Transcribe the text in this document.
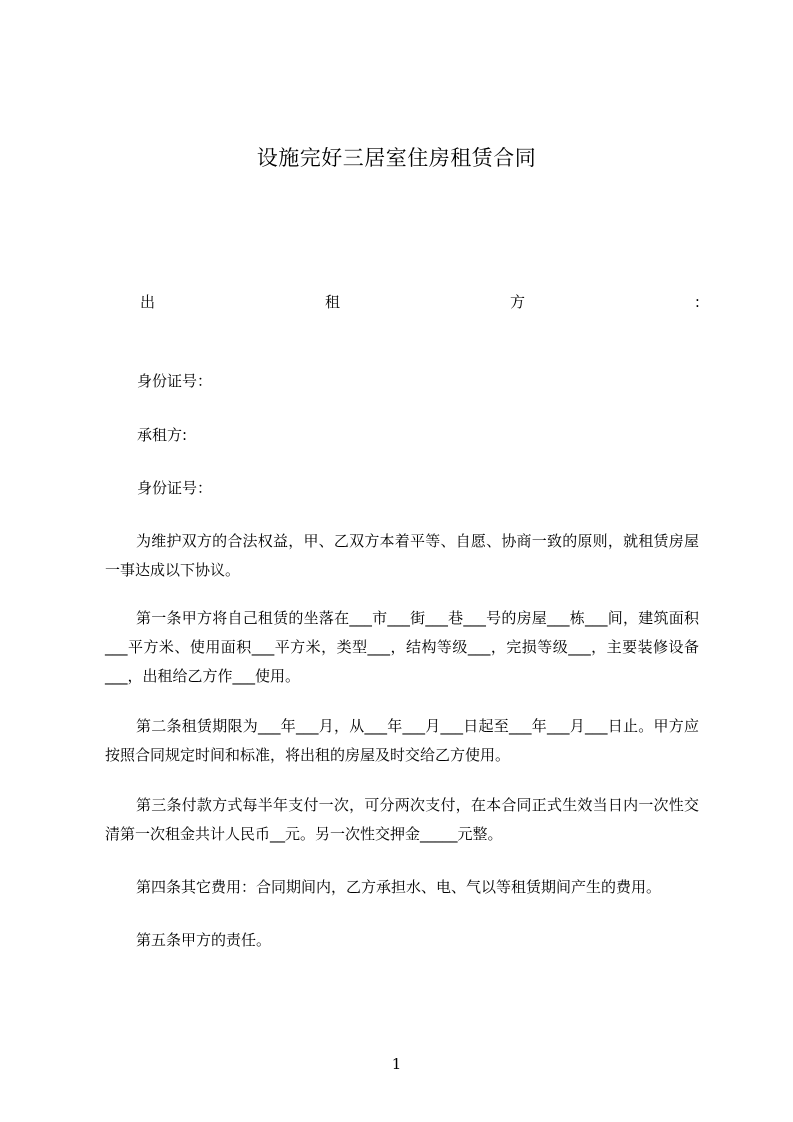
设施完好三居室住房租赁合同
出	租	方	:
身份证号：
承租方:
身份证号：
为维护双方的合法权益，甲、乙双方本着平等、自愿、协商一致的原则，就租赁房屋一事达成以下协议。
第一条甲方将自己租赁的坐落在___市___街___巷___号的房屋___栋___间，建筑面积___平方米、使用面积___平方米，类型___，结构等级___，完损等级___，主要装修设备___，出租给乙方作___使用。
第二条租赁期限为___年___月，从___年___月___日起至___年___月___日止。甲方应按照合同规定时间和标准，将出租的房屋及时交给乙方使用。
第三条付款方式每半年支付一次，可分两次支付，在本合同正式生效当日内一次性交清第一次租金共计人民币__元。另一次性交押金_____元整。
第四条其它费用：合同期间内，乙方承担水、电、气以等租赁期间产生的费用。
第五条甲方的责任。
1
